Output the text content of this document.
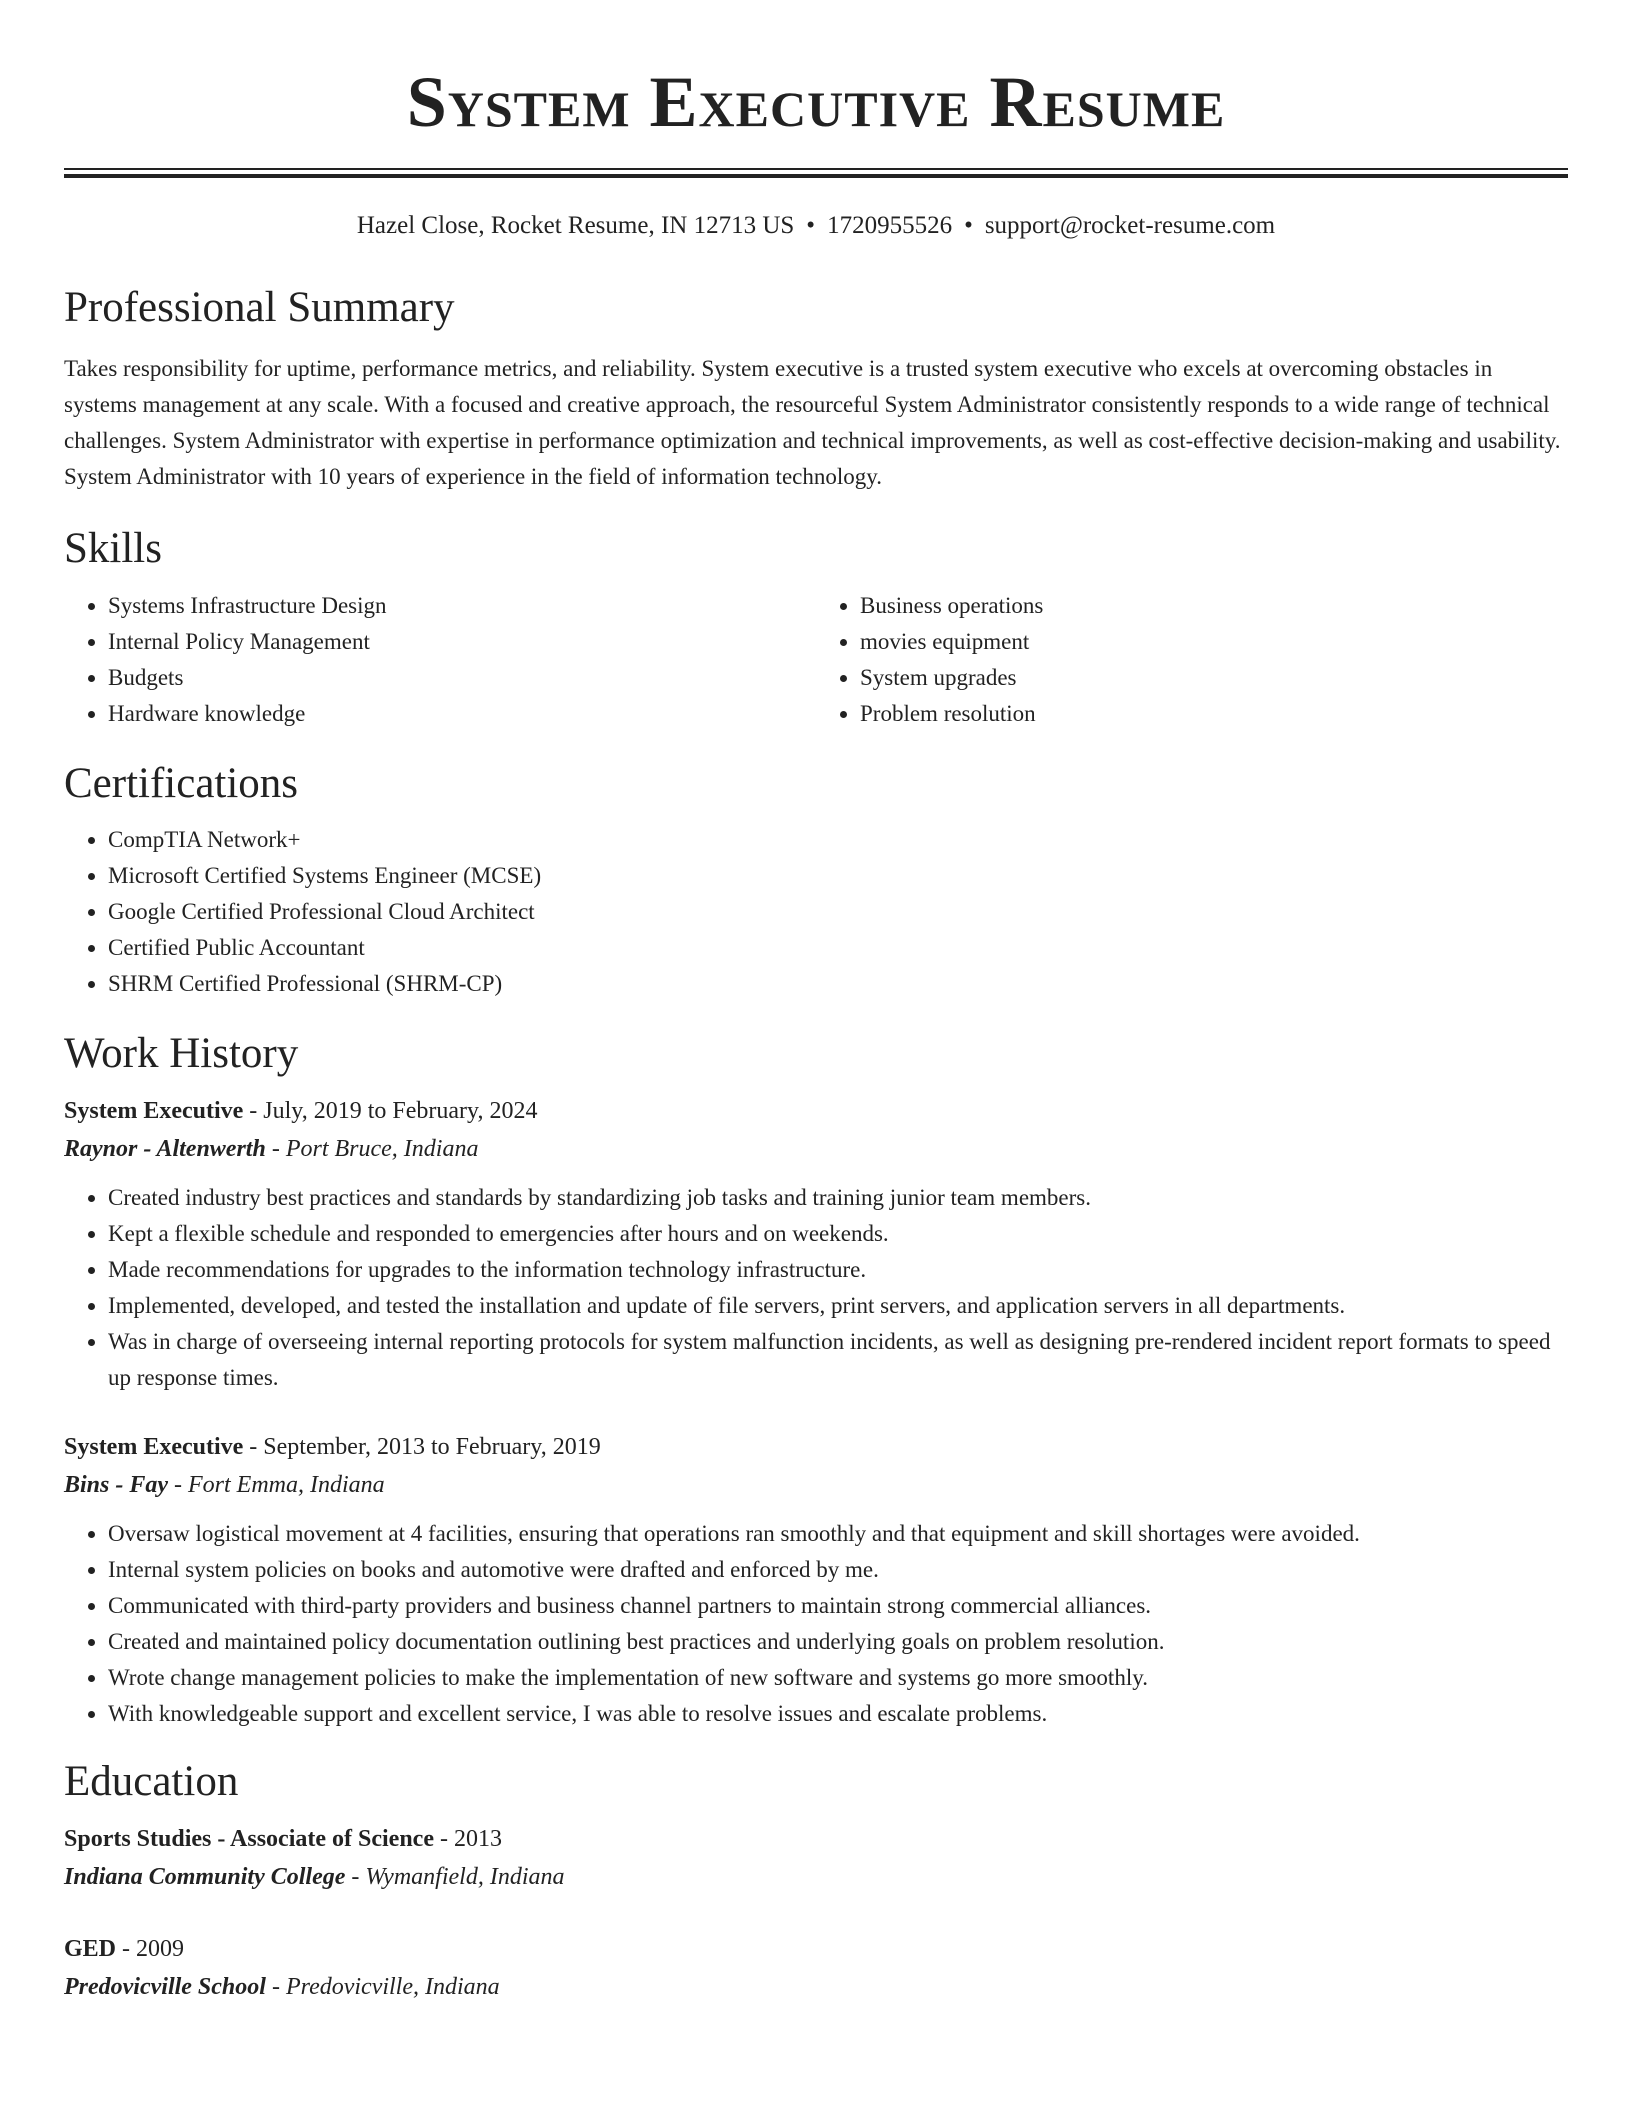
System Executive Resume
Hazel Close, Rocket Resume, IN 12713 US • 1720955526 • support@rocket-resume.com
Professional Summary

Takes responsibility for uptime, performance metrics, and reliability. System executive is a trusted system executive who excels at overcoming obstacles in systems management at any scale. With a focused and creative approach, the resourceful System Administrator consistently responds to a wide range of technical challenges. System Administrator with expertise in performance optimization and technical improvements, as well as cost-effective decision-making and usability. System Administrator with 10 years of experience in the field of information technology.

Skills
• Systems Infrastructure Design
• Internal Policy Management
• Budgets
• Hardware knowledge
• Business operations
• movies equipment
• System upgrades
• Problem resolution
Certifications
• CompTIA Network+
• Microsoft Certified Systems Engineer (MCSE)
• Google Certified Professional Cloud Architect
• Certified Public Accountant
• SHRM Certified Professional (SHRM-CP)
Work History
System Executive - July, 2019 to February, 2024
Raynor - Altenwerth - Port Bruce, Indiana
• Created industry best practices and standards by standardizing job tasks and training junior team members.
• Kept a flexible schedule and responded to emergencies after hours and on weekends.
• Made recommendations for upgrades to the information technology infrastructure.
• Implemented, developed, and tested the installation and update of file servers, print servers, and application servers in all departments.
• Was in charge of overseeing internal reporting protocols for system malfunction incidents, as well as designing pre-rendered incident report formats to speed up response times.
System Executive - September, 2013 to February, 2019
Bins - Fay - Fort Emma, Indiana
• Oversaw logistical movement at 4 facilities, ensuring that operations ran smoothly and that equipment and skill shortages were avoided.
• Internal system policies on books and automotive were drafted and enforced by me.
• Communicated with third-party providers and business channel partners to maintain strong commercial alliances.
• Created and maintained policy documentation outlining best practices and underlying goals on problem resolution.
• Wrote change management policies to make the implementation of new software and systems go more smoothly.
• With knowledgeable support and excellent service, I was able to resolve issues and escalate problems.
Education
Sports Studies - Associate of Science - 2013
Indiana Community College - Wymanfield, Indiana
GED - 2009
Predovicville School - Predovicville, Indiana
